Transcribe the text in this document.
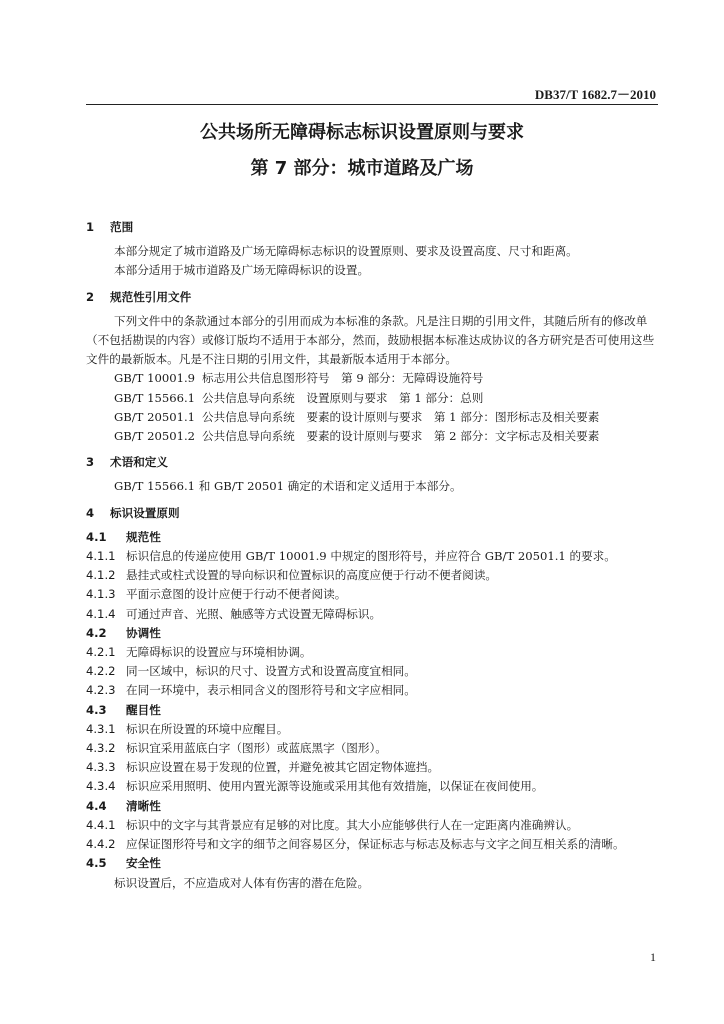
DB37/T 1682.7－2010
公共场所无障碍标志标识设置原则与要求
第 7 部分：城市道路及广场
1 范围
本部分规定了城市道路及广场无障碍标志标识的设置原则、要求及设置高度、尺寸和距离。
本部分适用于城市道路及广场无障碍标识的设置。
2 规范性引用文件
下列文件中的条款通过本部分的引用而成为本标准的条款。凡是注日期的引用文件，其随后所有的修改单（不包括勘误的内容）或修订版均不适用于本部分，然而，鼓励根据本标准达成协议的各方研究是否可使用这些文件的最新版本。凡是不注日期的引用文件，其最新版本适用于本部分。
GB/T 10001.9 标志用公共信息图形符号　第 9 部分：无障碍设施符号
GB/T 15566.1 公共信息导向系统　设置原则与要求　第 1 部分：总则
GB/T 20501.1 公共信息导向系统　要素的设计原则与要求　第 1 部分：图形标志及相关要素
GB/T 20501.2 公共信息导向系统　要素的设计原则与要求　第 2 部分：文字标志及相关要素
3 术语和定义
GB/T 15566.1 和 GB/T 20501 确定的术语和定义适用于本部分。
4 标识设置原则
4.1 规范性
4.1.1 标识信息的传递应使用 GB/T 10001.9 中规定的图形符号，并应符合 GB/T 20501.1 的要求。
4.1.2 悬挂式或柱式设置的导向标识和位置标识的高度应便于行动不便者阅读。
4.1.3 平面示意图的设计应便于行动不便者阅读。
4.1.4 可通过声音、光照、触感等方式设置无障碍标识。
4.2 协调性
4.2.1 无障碍标识的设置应与环境相协调。
4.2.2 同一区域中，标识的尺寸、设置方式和设置高度宜相同。
4.2.3 在同一环境中，表示相同含义的图形符号和文字应相同。
4.3 醒目性
4.3.1 标识在所设置的环境中应醒目。
4.3.2 标识宜采用蓝底白字（图形）或蓝底黑字（图形）。
4.3.3 标识应设置在易于发现的位置，并避免被其它固定物体遮挡。
4.3.4 标识应采用照明、使用内置光源等设施或采用其他有效措施，以保证在夜间使用。
4.4 清晰性
4.4.1 标识中的文字与其背景应有足够的对比度。其大小应能够供行人在一定距离内准确辨认。
4.4.2 应保证图形符号和文字的细节之间容易区分，保证标志与标志及标志与文字之间互相关系的清晰。
4.5 安全性
标识设置后，不应造成对人体有伤害的潜在危险。
1
